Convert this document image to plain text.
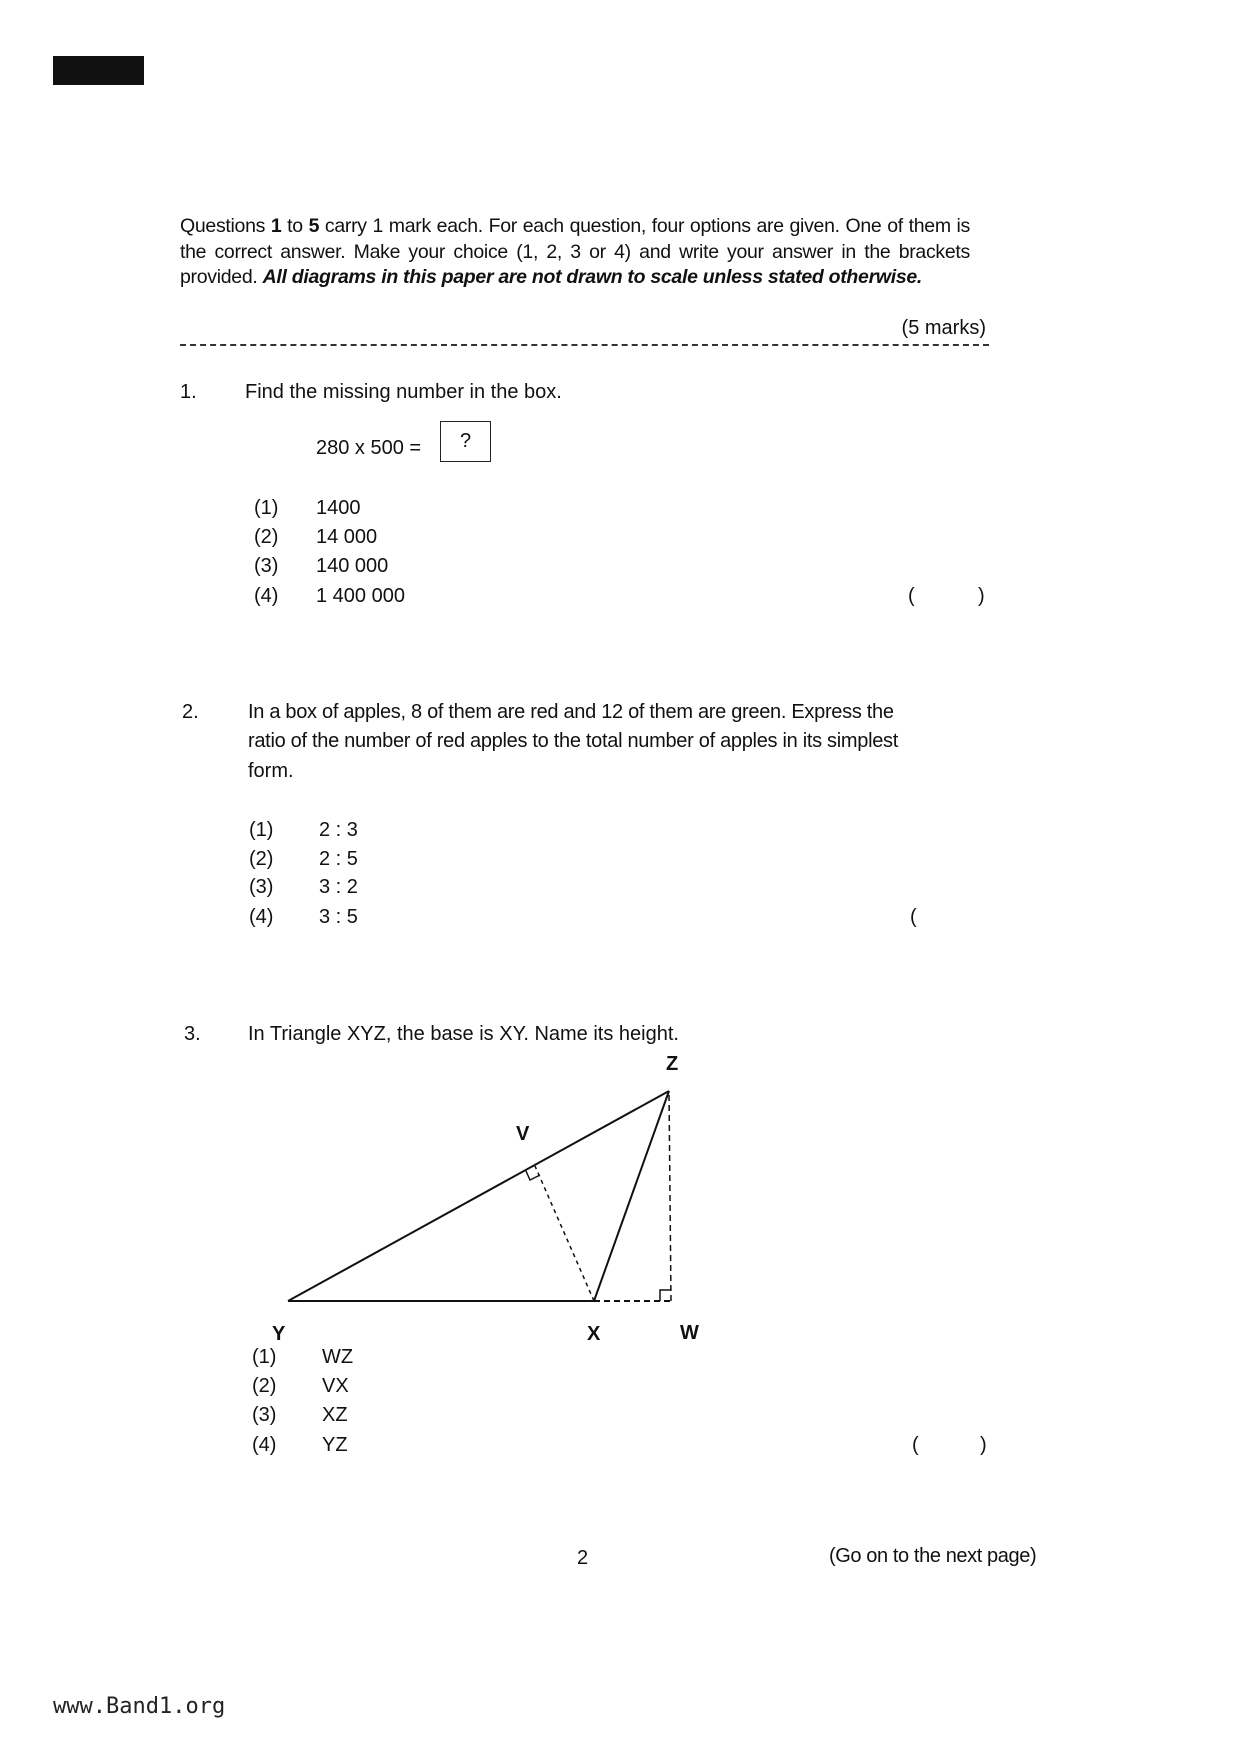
Questions 1 to 5 carry 1 mark each. For each question, four options are given. One of them is the correct answer. Make your choice (1, 2, 3 or 4) and write your answer in the brackets provided. All diagrams in this paper are not drawn to scale unless stated otherwise.
(5 marks)
1. Find the missing number in the box.
280 x 500 =	?
(1) 1400
(2) 14 000
(3) 140 000
(4) 1 400 000	(	)
2. In a box of apples, 8 of them are red and 12 of them are green. Express the
ratio of the number of red apples to the total number of apples in its simplest
form.
(1) 2 : 3
(2) 2 : 5
(3) 3 : 2
(4) 3 : 5	(
3. In Triangle XYZ, the base is XY. Name its height.
Z
V
Y	X	W
(1) WZ
(2) VX
(3) XZ
(4) YZ	(	)
2	(Go on to the next page)
www.Band1.org
